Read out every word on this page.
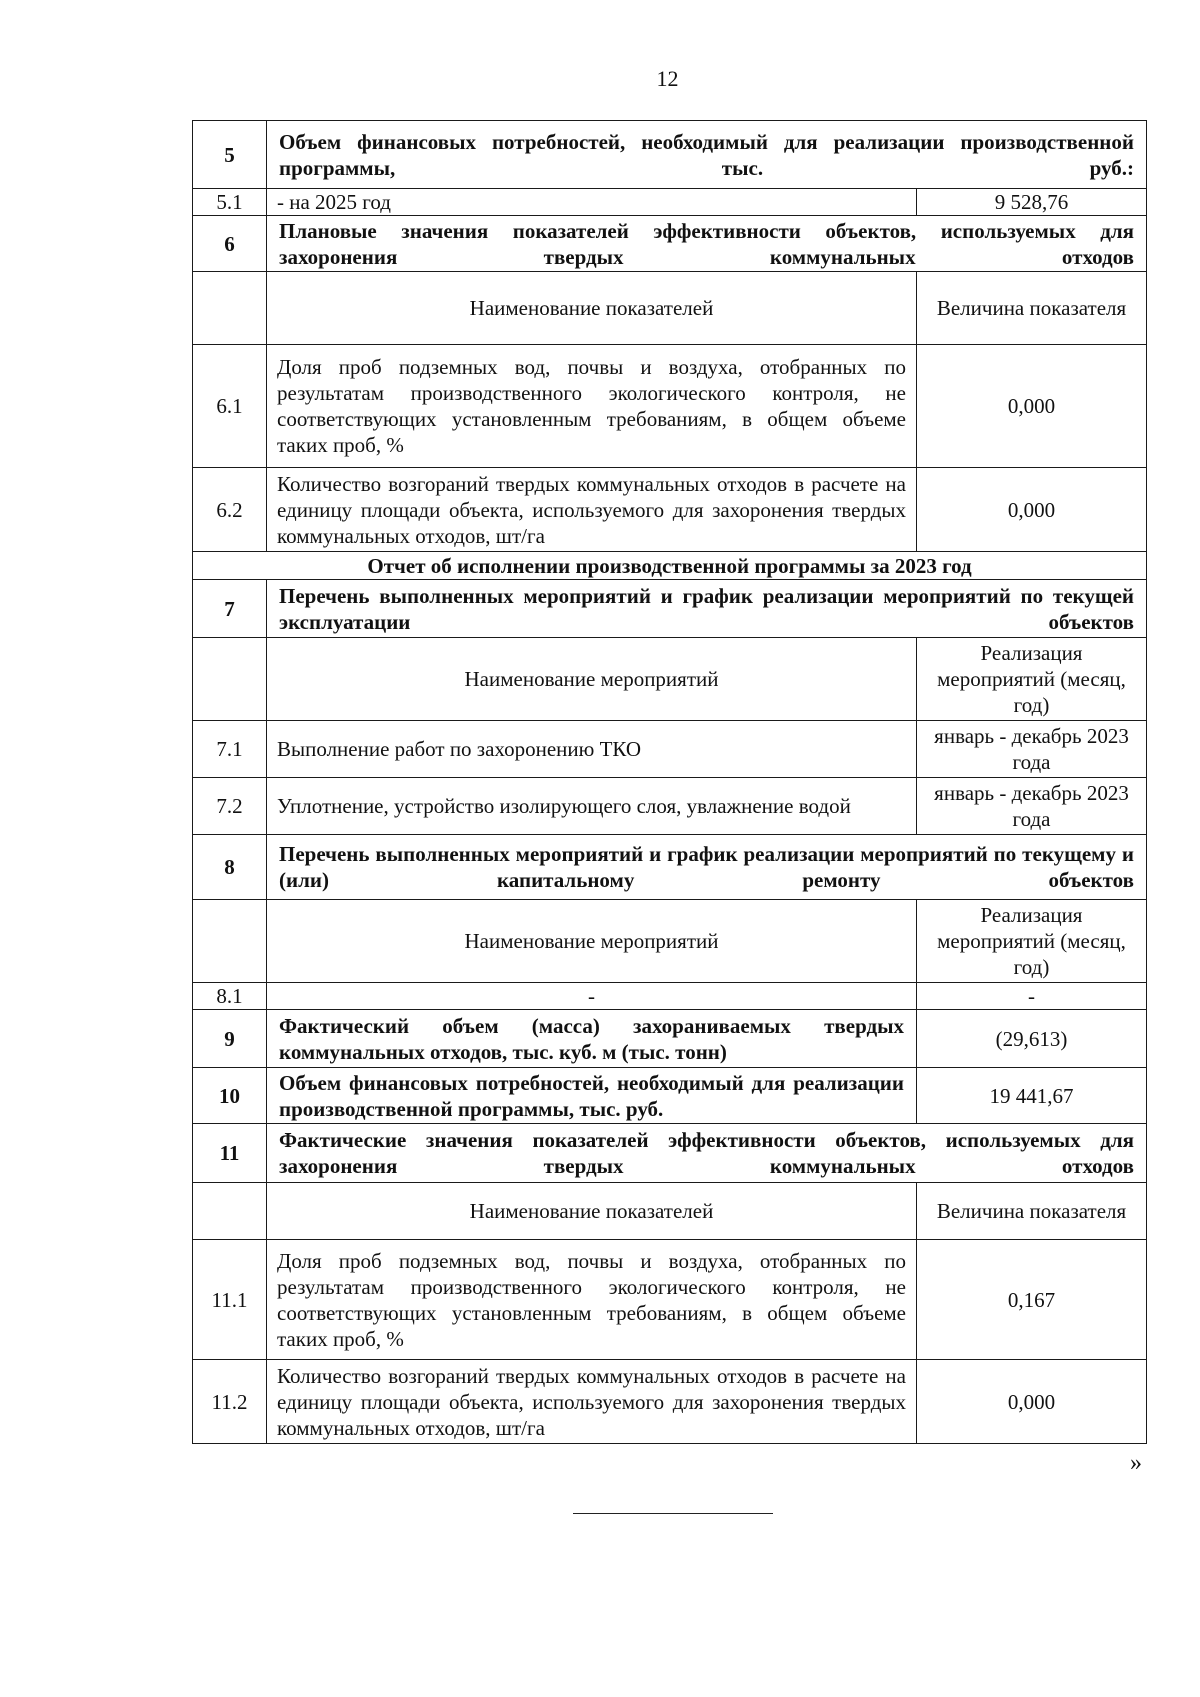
12
5	Объем финансовых потребностей, необходимый для реализации производственной программы, тыс. руб.:	
5.1	- на 2025 год	9 528,76
6	Плановые значения показателей эффективности объектов, используемых для захоронения твердых коммунальных отходов	
	Наименование показателей	Величина показателя
6.1	Доля проб подземных вод, почвы и воздуха, отобранных по результатам производственного экологического контроля, не соответствующих установленным требованиям, в общем объеме таких проб, %	0,000
6.2	Количество возгораний твердых коммунальных отходов в расчете на единицу площади объекта, используемого для захоронения твердых коммунальных отходов, шт/га	0,000
Отчет об исполнении производственной программы за 2023 год		
7	Перечень выполненных мероприятий и график реализации мероприятий по текущей эксплуатации объектов	
	Наименование мероприятий	Реализация мероприятий (месяц, год)
7.1	Выполнение работ по захоронению ТКО	январь - декабрь 2023 года
7.2	Уплотнение, устройство изолирующего слоя, увлажнение водой	январь - декабрь 2023 года
8	Перечень выполненных мероприятий и график реализации мероприятий по текущему и (или) капитальному ремонту объектов	
	Наименование мероприятий	Реализация мероприятий (месяц, год)
8.1	-	-
9	Фактический объем (масса) захораниваемых твердых коммунальных отходов, тыс. куб. м (тыс. тонн)	(29,613)
10	Объем финансовых потребностей, необходимый для реализации производственной программы, тыс. руб.	19 441,67
11	Фактические значения показателей эффективности объектов, используемых для захоронения твердых коммунальных отходов	
	Наименование показателей	Величина показателя
11.1	Доля проб подземных вод, почвы и воздуха, отобранных по результатам производственного экологического контроля, не соответствующих установленным требованиям, в общем объеме таких проб, %	0,167
11.2	Количество возгораний твердых коммунальных отходов в расчете на единицу площади объекта, используемого для захоронения твердых коммунальных отходов, шт/га	0,000
»
